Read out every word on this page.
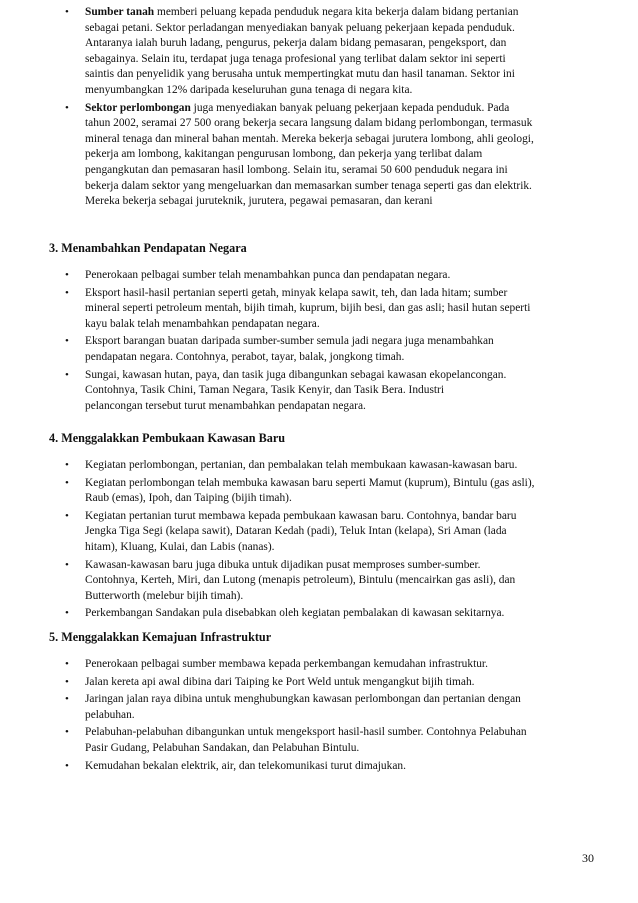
• Sumber tanah memberi peluang kepada penduduk negara kita bekerja dalam bidang pertanian
sebagai petani. Sektor perladangan menyediakan banyak peluang pekerjaan kepada penduduk.
Antaranya ialah buruh ladang, pengurus, pekerja dalam bidang pemasaran, pengeksport, dan
sebagainya. Selain itu, terdapat juga tenaga profesional yang terlibat dalam sektor ini seperti
saintis dan penyelidik yang berusaha untuk mempertingkat mutu dan hasil tanaman. Sektor ini
menyumbangkan 12% daripada keseluruhan guna tenaga di negara kita.
• Sektor perlombongan juga menyediakan banyak peluang pekerjaan kepada penduduk. Pada
tahun 2002, seramai 27 500 orang bekerja secara langsung dalam bidang perlombongan, termasuk
mineral tenaga dan mineral bahan mentah. Mereka bekerja sebagai jurutera lombong, ahli geologi,
pekerja am lombong, kakitangan pengurusan lombong, dan pekerja yang terlibat dalam
pengangkutan dan pemasaran hasil lombong. Selain itu, seramai 50 600 penduduk negara ini
bekerja dalam sektor yang mengeluarkan dan memasarkan sumber tenaga seperti gas dan elektrik.
Mereka bekerja sebagai juruteknik, jurutera, pegawai pemasaran, dan kerani
3. Menambahkan Pendapatan Negara
• Penerokaan pelbagai sumber telah menambahkan punca dan pendapatan negara.
• Eksport hasil-hasil pertanian seperti getah, minyak kelapa sawit, teh, dan lada hitam; sumber
mineral seperti petroleum mentah, bijih timah, kuprum, bijih besi, dan gas asli; hasil hutan seperti
kayu balak telah menambahkan pendapatan negara.
• Eksport barangan buatan daripada sumber-sumber semula jadi negara juga menambahkan
pendapatan negara. Contohnya, perabot, tayar, balak, jongkong timah.
• Sungai, kawasan hutan, paya, dan tasik juga dibangunkan sebagai kawasan ekopelancongan.
Contohnya, Tasik Chini, Taman Negara, Tasik Kenyir, dan Tasik Bera. Industri
pelancongan tersebut turut menambahkan pendapatan negara.
4. Menggalakkan Pembukaan Kawasan Baru
• Kegiatan perlombongan, pertanian, dan pembalakan telah membukaan kawasan-kawasan baru.
• Kegiatan perlombongan telah membuka kawasan baru seperti Mamut (kuprum), Bintulu (gas asli),
Raub (emas), Ipoh, dan Taiping (bijih timah).
• Kegiatan pertanian turut membawa kepada pembukaan kawasan baru. Contohnya, bandar baru
Jengka Tiga Segi (kelapa sawit), Dataran Kedah (padi), Teluk Intan (kelapa), Sri Aman (lada
hitam), Kluang, Kulai, dan Labis (nanas).
• Kawasan-kawasan baru juga dibuka untuk dijadikan pusat memproses sumber-sumber.
Contohnya, Kerteh, Miri, dan Lutong (menapis petroleum), Bintulu (mencairkan gas asli), dan
Butterworth (melebur bijih timah).
• Perkembangan Sandakan pula disebabkan oleh kegiatan pembalakan di kawasan sekitarnya.
5. Menggalakkan Kemajuan Infrastruktur
• Penerokaan pelbagai sumber membawa kepada perkembangan kemudahan infrastruktur.
• Jalan kereta api awal dibina dari Taiping ke Port Weld untuk mengangkut bijih timah.
• Jaringan jalan raya dibina untuk menghubungkan kawasan perlombongan dan pertanian dengan
pelabuhan.
• Pelabuhan-pelabuhan dibangunkan untuk mengeksport hasil-hasil sumber. Contohnya Pelabuhan
Pasir Gudang, Pelabuhan Sandakan, dan Pelabuhan Bintulu.
• Kemudahan bekalan elektrik, air, dan telekomunikasi turut dimajukan.
30
